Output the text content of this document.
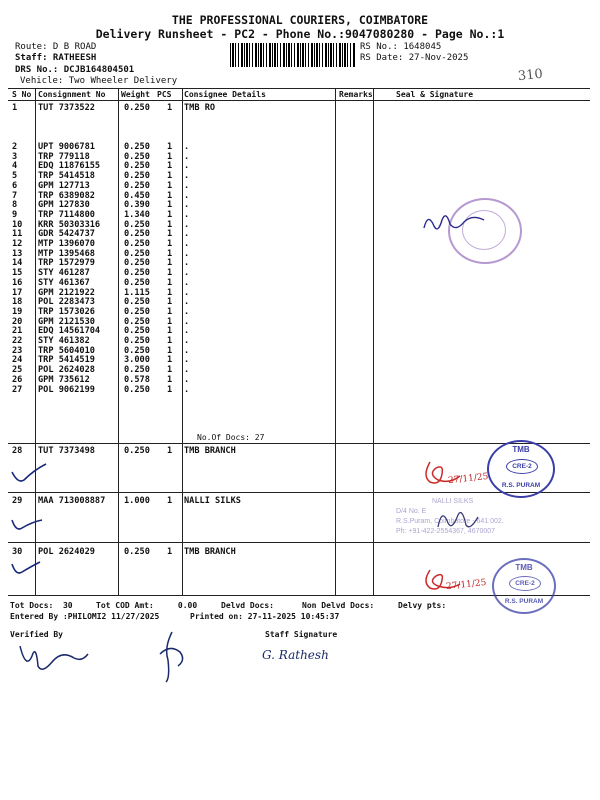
THE PROFESSIONAL COURIERS, COIMBATORE
Delivery Runsheet - PC2 - Phone No.:9047080280 - Page No.:1
Route: D B ROAD
Staff: RATHEESH
DRS No.: DCJB164804501
Vehicle: Two Wheeler Delivery
RS No.: 1648045
RS Date: 27-Nov-2025
310
S No Consignment No Weight PCS Consignee Details	Remarks	Seal & Signature
1 TUT 7373522	0.250 1 TMB RO
2 UPT 9006781	0.250 1 .
3 TRP 779118	0.250 1 .
4 EDQ 11876155	0.250 1 .
5 TRP 5414518	0.250 1 .
6 GPM 127713	0.250 1 .
7 TRP 6389082	0.450 1 .
8 GPM 127830	0.390 1 .
9 TRP 7114800	1.340 1 .
10 KRR 50303316	0.250 1 .
11 GDR 5424737	0.250 1 .
12 MTP 1396070	0.250 1 .
13 MTP 1395468	0.250 1 .
14 TRP 1572979	0.250 1 .
15 STY 461287	0.250 1 .
16 STY 461367	0.250 1 .
17 GPM 2121922	1.115 1 .
18 POL 2283473	0.250 1 .
19 TRP 1573026	0.250 1 .
20 GPM 2121530	0.250 1 .
21 EDQ 14561704	0.250 1 .
22 STY 461382	0.250 1 .
23 TRP 5604010	0.250 1 .
24 TRP 5414519	3.000 1 .
25 POL 2624028	0.250 1 .
26 GPM 735612	0.578 1 .
27 POL 9062199	0.250 1 .
No.Of Docs: 27
28 TUT 7373498	0.250 1 TMB BRANCH
29 MAA 713008887 1.000 1 NALLI SILKS
30 POL 2624029	0.250 1 TMB BRANCH
27/11/25
TMB
CRE-2
R.S. PURAM
NALLI SILKS
D/4 No. E
R.S.Puram, Coimbatore - 641 002.
Ph: +91-422-2554367, 4670007
27/11/25
TMB
CRE-2
R.S. PURAM
Tot Docs:  30	Tot COD Amt:     0.00	Delvd Docs:	Non Delvd Docs:	Delvy pts:
Entered By :PHILOMI2 11/27/2025	Printed on: 27-11-2025 10:45:37
Verified By	Staff Signature
G. Rathesh
